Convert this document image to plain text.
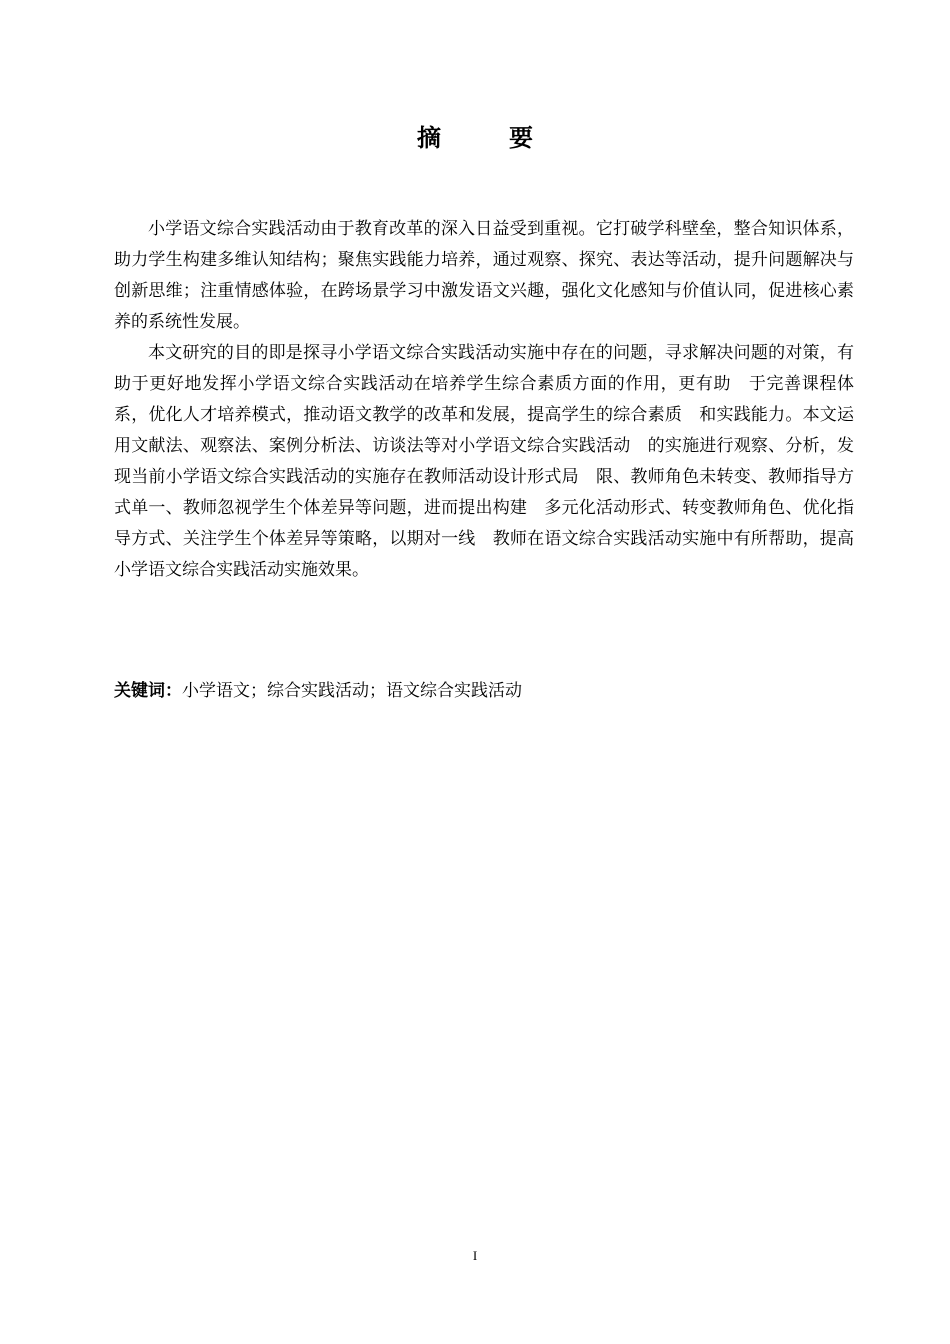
摘　要

小学语文综合实践活动由于教育改革的深入日益受到重视。它打破学科壁垒，整合知识体系，助力学生构建多维认知结构；聚焦实践能力培养，通过观察、探究、表达等活动，提升问题解决与创新思维；注重情感体验，在跨场景学习中激发语文兴趣，强化文化感知与价值认同，促进核心素养的系统性发展。

本文研究的目的即是探寻小学语文综合实践活动实施中存在的问题，寻求解决问题的对策，有助于更好地发挥小学语文综合实践活动在培养学生综合素质方面的作用，更有助　于完善课程体系，优化人才培养模式，推动语文教学的改革和发展，提高学生的综合素质　和实践能力。本文运用文献法、观察法、案例分析法、访谈法等对小学语文综合实践活动　的实施进行观察、分析，发现当前小学语文综合实践活动的实施存在教师活动设计形式局　限、教师角色未转变、教师指导方式单一、教师忽视学生个体差异等问题，进而提出构建　多元化活动形式、转变教师角色、优化指导方式、关注学生个体差异等策略，以期对一线　教师在语文综合实践活动实施中有所帮助，提高小学语文综合实践活动实施效果。

关键词：小学语文；综合实践活动；语文综合实践活动
I
